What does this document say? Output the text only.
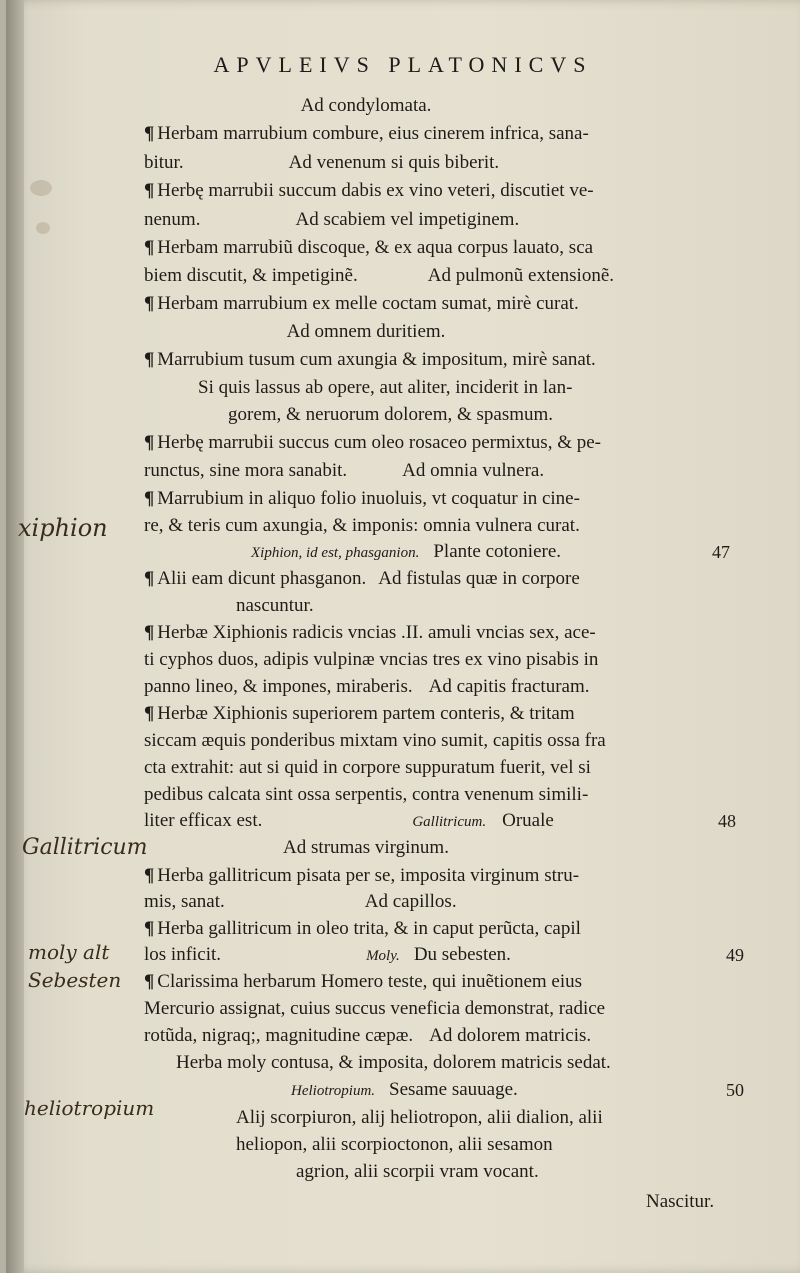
APVLEIVS PLATONICVS
Ad condylomata.
¶ Herbam marrubium combure, eius cinerem infrica, sana-
bitur.	Ad venenum si quis biberit.
¶ Herbę marrubii succum dabis ex vino veteri, discutiet ve-
nenum.	Ad scabiem vel impetiginem.
¶ Herbam marrubiũ discoque, & ex aqua corpus lauato, sca
biem discutit, & impetiginẽ.	Ad pulmonũ extensionẽ.
¶ Herbam marrubium ex melle coctam sumat, mirè curat.
Ad omnem duritiem.
¶ Marrubium tusum cum axungia & impositum, mirè sanat.
Si quis lassus ab opere, aut aliter, inciderit in lan-
gorem, & neruorum dolorem, & spasmum.
¶ Herbę marrubii succus cum oleo rosaceo permixtus, & pe-
runctus, sine mora sanabit.	Ad omnia vulnera.
¶ Marrubium in aliquo folio inuoluis, vt coquatur in cine-
re, & teris cum axungia, & imponis: omnia vulnera curat.
Xiphion, id est, phasganion. Plante cotoniere.	47
¶ Alii eam dicunt phasganon. Ad fistulas quæ in corpore
nascuntur.
¶ Herbæ Xiphionis radicis vncias .II. amuli vncias sex, ace-
ti cyphos duos, adipis vulpinæ vncias tres ex vino pisabis in
panno lineo, & impones, miraberis. Ad capitis fracturam.
¶ Herbæ Xiphionis superiorem partem conteris, & tritam
siccam æquis ponderibus mixtam vino sumit, capitis ossa fra
cta extrahit: aut si quid in corpore suppuratum fuerit, vel si
pedibus calcata sint ossa serpentis, contra venenum simili-
liter efficax est.	Gallitricum. Oruale	48
Ad strumas virginum.
¶ Herba gallitricum pisata per se, imposita virginum stru-
mis, sanat.	Ad capillos.
¶ Herba gallitricum in oleo trita, & in caput perũcta, capil
los inficit.	Moly. Du sebesten.	49
¶ Clarissima herbarum Homero teste, qui inuẽtionem eius
Mercurio assignat, cuius succus veneficia demonstrat, radice
rotũda, nigraq;, magnitudine cæpæ. Ad dolorem matricis.
Herba moly contusa, & imposita, dolorem matricis sedat.
Heliotropium. Sesame sauuage.	50
Alij scorpiuron, alij heliotropon, alii dialion, alii
heliopon, alii scorpioctonon, alii sesamon
agrion, alii scorpii vram vocant.
Nascitur.
xiphion
Gallitricum
moly alt
Sebesten
heliotropium
